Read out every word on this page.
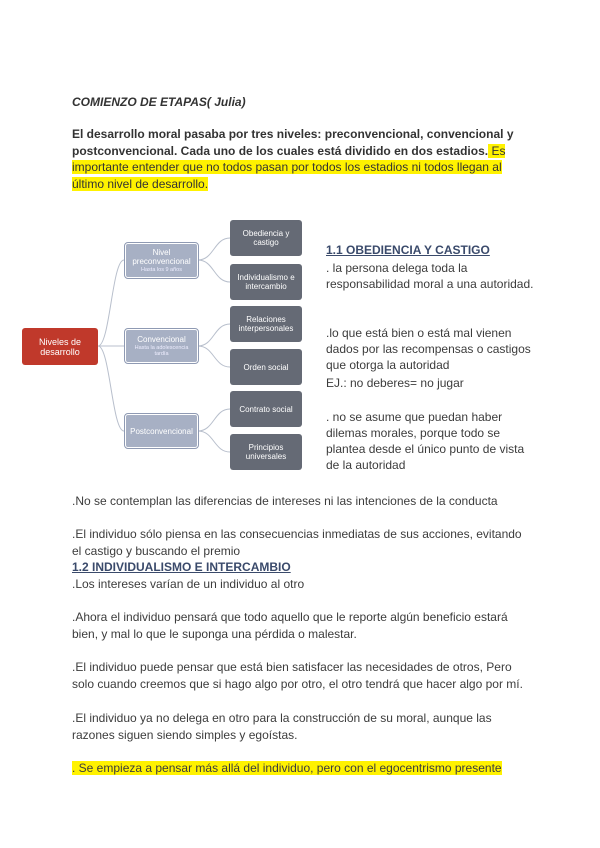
COMIENZO DE ETAPAS( Julia)
El desarrollo moral pasaba por tres niveles: preconvencional, convencional y postconvencional. Cada uno de los cuales está dividido en dos estadios. Es importante entender que no todos pasan por todos los estadios ni todos llegan al último nivel de desarrollo.
Niveles de desarrollo
Nivel preconvencional
Hasta los 9 años
Convencional
Hasta la adolescencia tardía
Postconvencional
Obediencia y castigo
Individualismo e intercambio
Relaciones interpersonales
Orden social
Contrato social
Principios universales
1.1 OBEDIENCIA Y CASTIGO
. la persona delega toda la responsabilidad moral a una autoridad.
.lo que está bien o está mal vienen dados por las recompensas o castigos que otorga la autoridad
EJ.: no deberes= no jugar
. no se asume que puedan haber dilemas morales, porque todo se plantea desde el único punto de vista de la autoridad
.No se contemplan las diferencias de intereses ni las intenciones de la conducta
.El individuo sólo piensa en las consecuencias inmediatas de sus acciones, evitando el castigo y buscando el premio
1.2 INDIVIDUALISMO E INTERCAMBIO
.Los intereses varían de un individuo al otro
.Ahora el individuo pensará que todo aquello que le reporte algún beneficio estará bien, y mal lo que le suponga una pérdida o malestar.
.El individuo puede pensar que está bien satisfacer las necesidades de otros, Pero solo cuando creemos que si hago algo por otro, el otro tendrá que hacer algo por mí.
.El individuo ya no delega en otro para la construcción de su moral, aunque las razones siguen siendo simples y egoístas.
. Se empieza a pensar más allá del individuo, pero con el egocentrismo presente
